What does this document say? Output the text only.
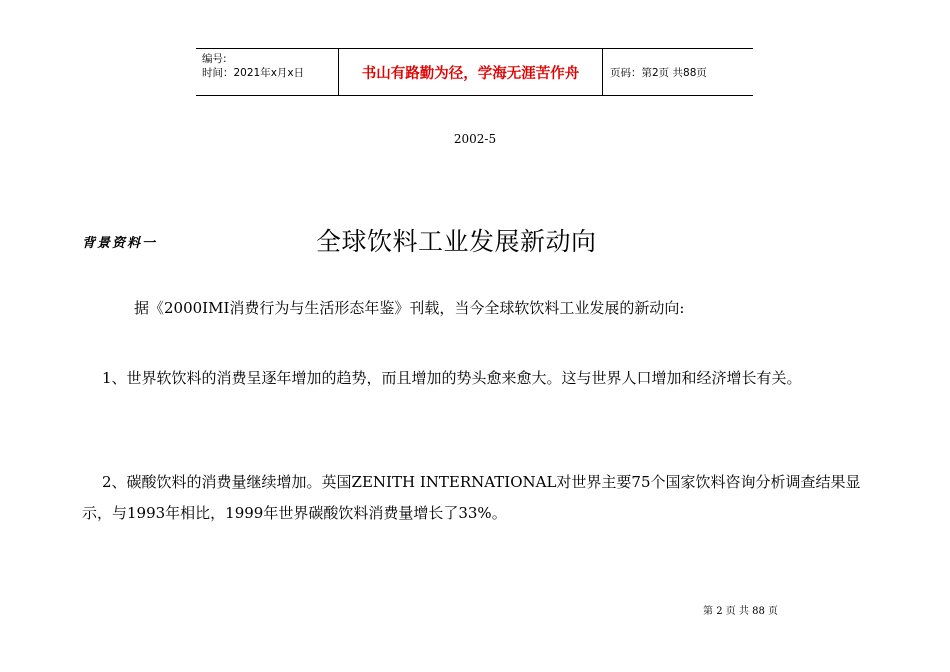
编号:
时间：2021年x月x日	书山有路勤为径，学海无涯苦作舟	页码：第2页 共88页
2002-5
背景资料一	全球饮料工业发展新动向

据《2000IMI消费行为与生活形态年鉴》刊载，当今全球软饮料工业发展的新动向:

1、世界软饮料的消费呈逐年增加的趋势，而且增加的势头愈来愈大。这与世界人口增加和经济增长有关。

2、碳酸饮料的消费量继续增加。英国ZENITH INTERNATIONAL对世界主要75个国家饮料咨询分析调查结果显示，与1993年相比，1999年世界碳酸饮料消费量增长了33%。

第 2 页 共 88 页
